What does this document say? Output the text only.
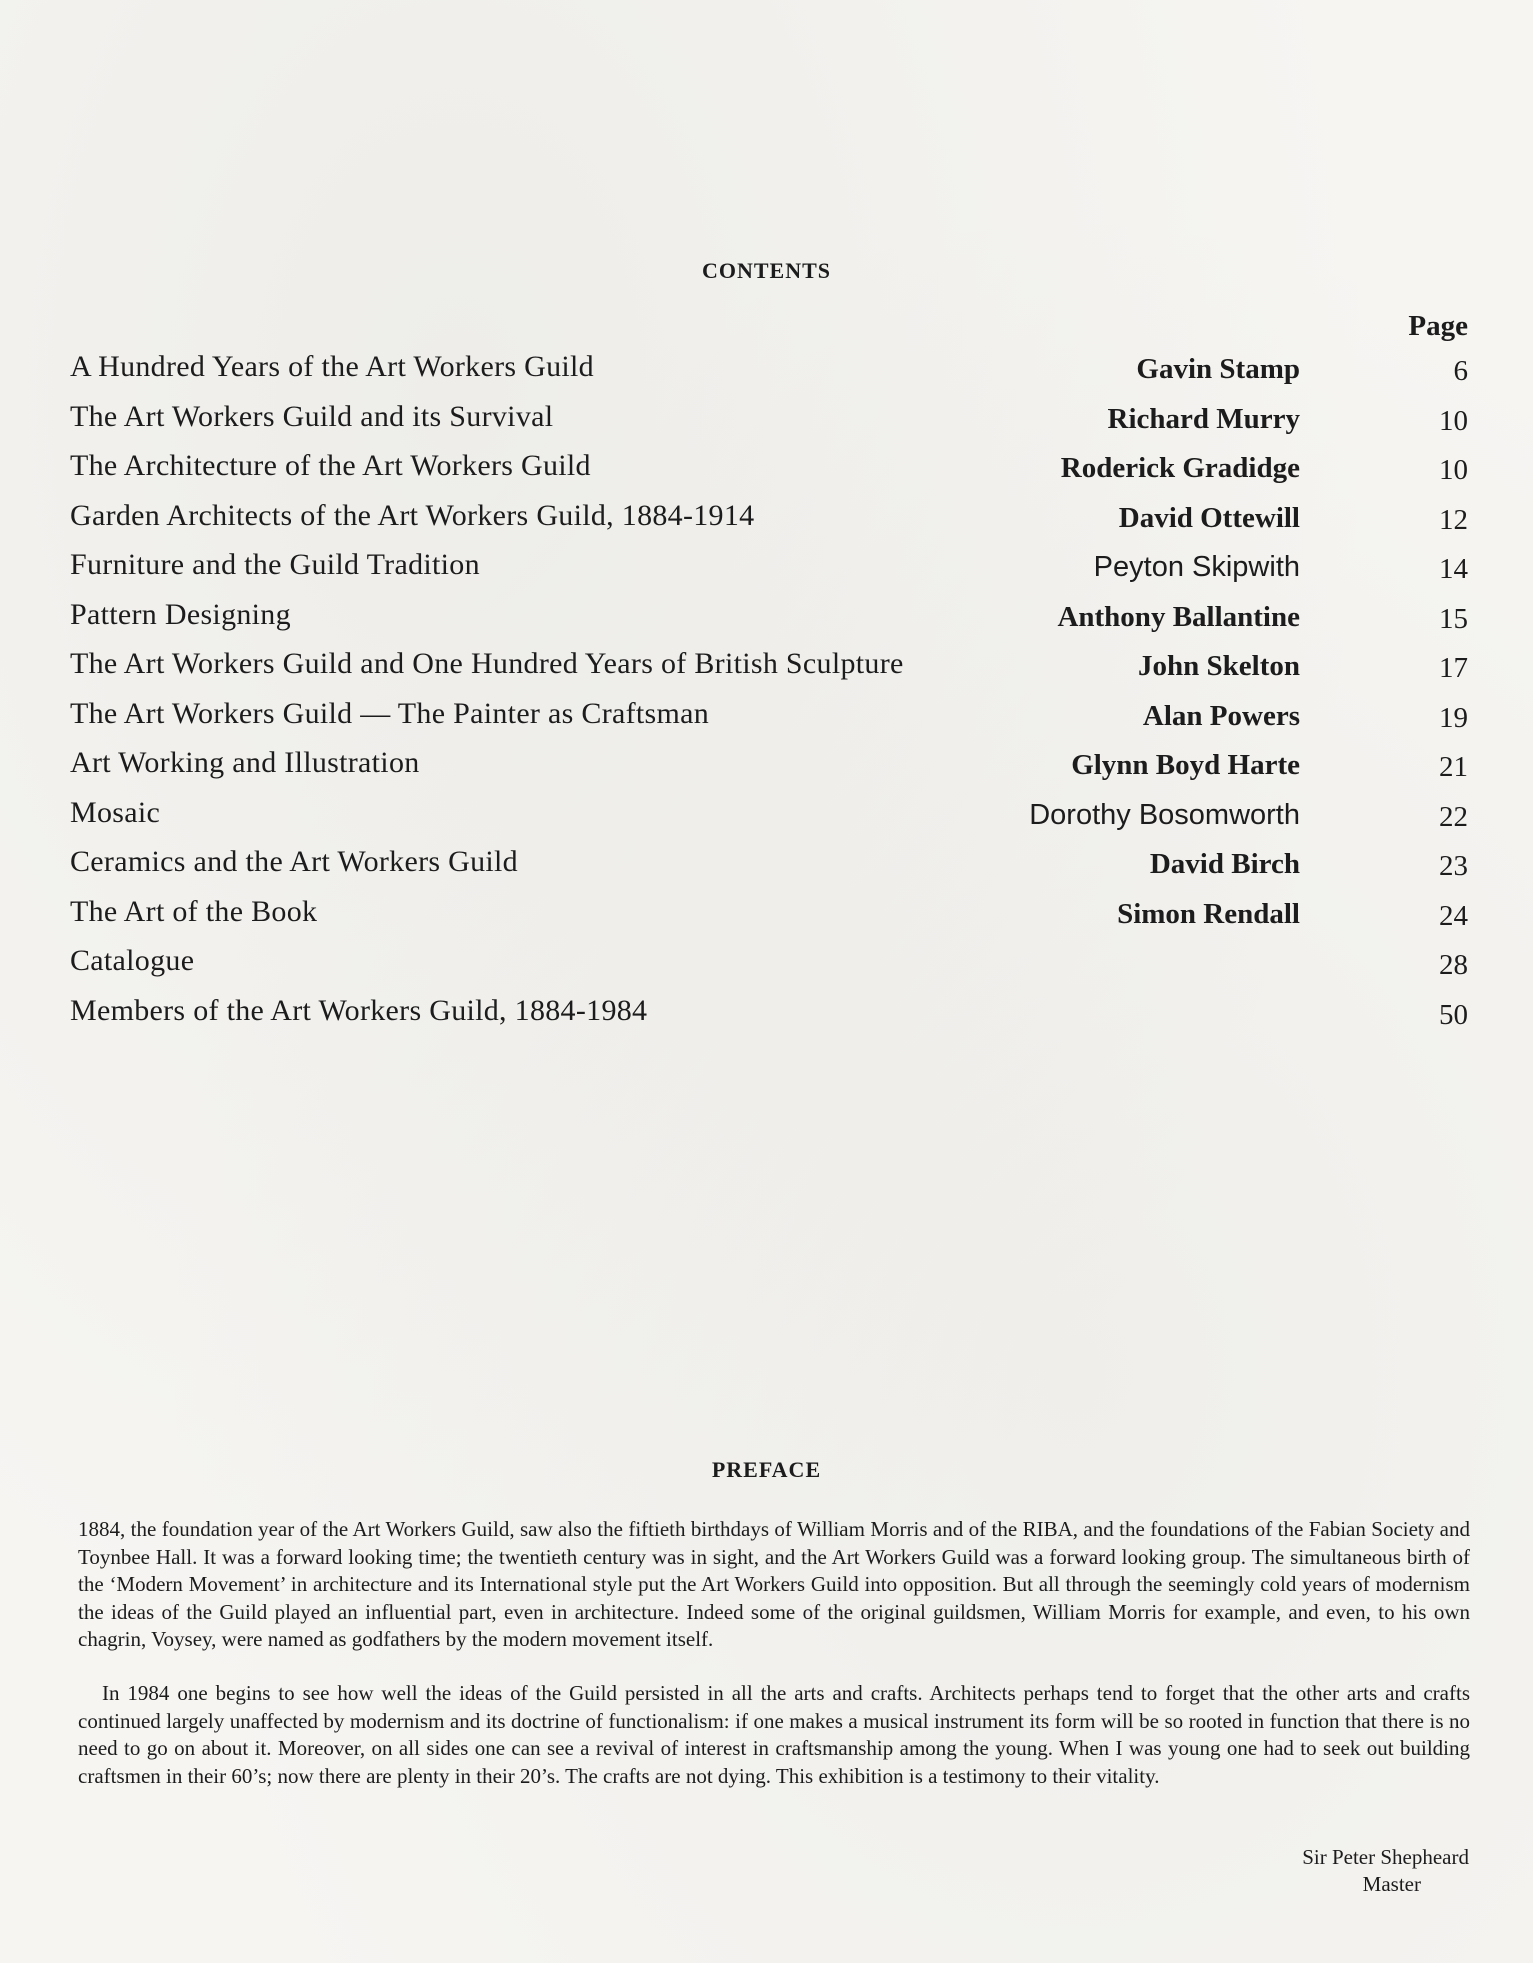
CONTENTS
Page
A Hundred Years of the Art Workers Guild	Gavin Stamp	6
The Art Workers Guild and its Survival	Richard Murry	10
The Architecture of the Art Workers Guild	Roderick Gradidge	10
Garden Architects of the Art Workers Guild, 1884-1914	David Ottewill	12
Furniture and the Guild Tradition	Peyton Skipwith	14
Pattern Designing	Anthony Ballantine	15
The Art Workers Guild and One Hundred Years of British Sculpture	John Skelton	17
The Art Workers Guild — The Painter as Craftsman	Alan Powers	19
Art Working and Illustration	Glynn Boyd Harte	21
Mosaic	Dorothy Bosomworth	22
Ceramics and the Art Workers Guild	David Birch	23
The Art of the Book	Simon Rendall	24
Catalogue	28
Members of the Art Workers Guild, 1884-1984	50
PREFACE

1884, the foundation year of the Art Workers Guild, saw also the fiftieth birthdays of William Morris and of the RIBA, and the foundations of the Fabian Society and Toynbee Hall. It was a forward looking time; the twentieth century was in sight, and the Art Workers Guild was a forward looking group. The simultaneous birth of the ‘Modern Movement’ in architecture and its International style put the Art Workers Guild into opposition. But all through the seemingly cold years of modernism the ideas of the Guild played an influential part, even in architecture. Indeed some of the original guildsmen, William Morris for example, and even, to his own chagrin, Voysey, were named as godfathers by the modern movement itself.

In 1984 one begins to see how well the ideas of the Guild persisted in all the arts and crafts. Architects perhaps tend to forget that the other arts and crafts continued largely unaffected by modernism and its doctrine of functionalism: if one makes a musical instrument its form will be so rooted in function that there is no need to go on about it. Moreover, on all sides one can see a revival of interest in craftsmanship among the young. When I was young one had to seek out building craftsmen in their 60’s; now there are plenty in their 20’s. The crafts are not dying. This exhibition is a testimony to their vitality.

Sir Peter Shepheard
Master
